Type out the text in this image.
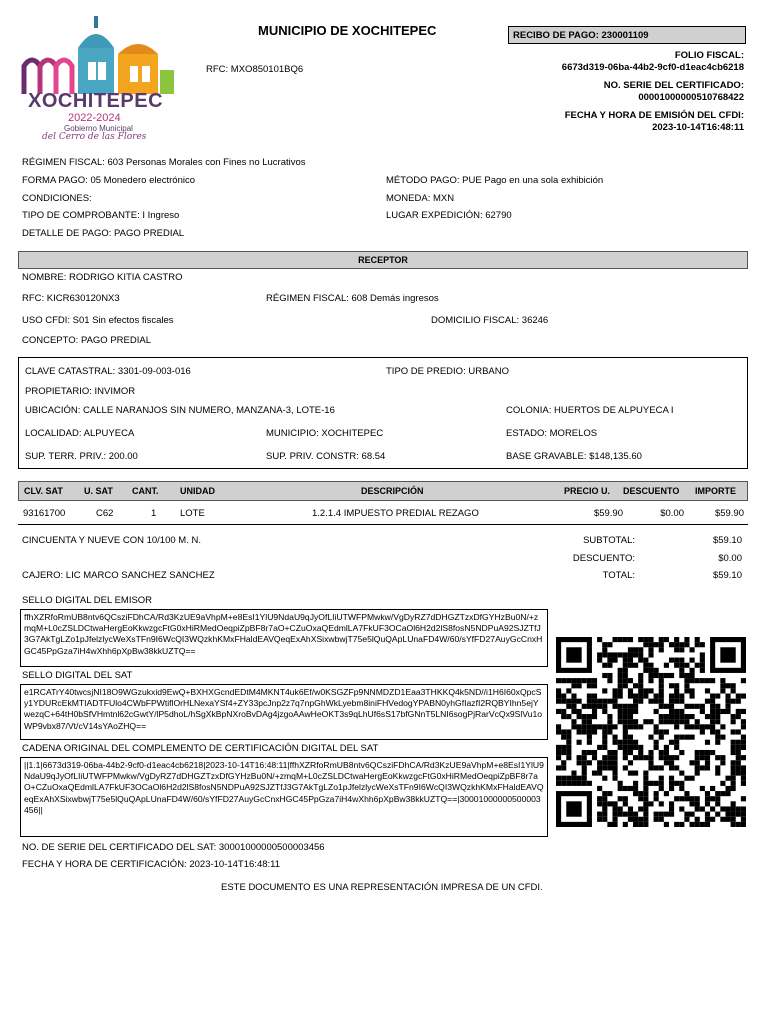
XOCHITEPEC
2022-2024
Gobierno Municipal
del Cerro de las Flores
MUNICIPIO DE XOCHITEPEC
RFC: MXO850101BQ6
RECIBO DE PAGO: 230001109
FOLIO FISCAL:
6673d319-06ba-44b2-9cf0-d1eac4cb6218
NO. SERIE DEL CERTIFICADO:
00001000000510768422
FECHA Y HORA DE EMISIÓN DEL CFDI:
2023-10-14T16:48:11
RÉGIMEN FISCAL: 603 Personas Morales con Fines no Lucrativos
FORMA PAGO: 05 Monedero electrónico	MÉTODO PAGO: PUE Pago en una sola exhibición
CONDICIONES:	MONEDA: MXN
TIPO DE COMPROBANTE: I Ingreso	LUGAR EXPEDICIÓN: 62790
DETALLE DE PAGO: PAGO PREDIAL
RECEPTOR
NOMBRE: RODRIGO KITIA CASTRO
RFC: KICR630120NX3	RÉGIMEN FISCAL: 608 Demás ingresos
USO CFDI: S01 Sin efectos fiscales	DOMICILIO FISCAL: 36246
CONCEPTO: PAGO PREDIAL
CLAVE CATASTRAL: 3301-09-003-016	TIPO DE PREDIO: URBANO
PROPIETARIO: INVIMOR
UBICACIÓN: CALLE NARANJOS SIN NUMERO, MANZANA-3, LOTE-16	COLONIA: HUERTOS DE ALPUYECA I
LOCALIDAD: ALPUYECA	MUNICIPIO: XOCHITEPEC	ESTADO: MORELOS
SUP. TERR. PRIV.: 200.00	SUP. PRIV. CONSTR: 68.54	BASE GRAVABLE: $148,135.60
CLV. SAT U. SAT CANT. UNIDAD	DESCRIPCIÓN	PRECIO U. DESCUENTO IMPORTE
93161700	C62	1 LOTE	1.2.1.4 IMPUESTO PREDIAL REZAGO	$59.90	$0.00	$59.90
CINCUENTA Y NUEVE CON 10/100 M. N.
CAJERO: LIC MARCO SANCHEZ SANCHEZ
SUBTOTAL:	$59.10
DESCUENTO:	$0.00
TOTAL:	$59.10
SELLO DIGITAL DEL EMISOR
ffhXZRfoRmUB8ntv6QCsziFDhCA/Rd3KzUE9aVhpM+e8EsI1YlU9NdaU9qJyOfLIiUTWFPMwkw/VgDyRZ7dDHGZTzxDfGYHzBu0N/+zmqM+L0cZSLDCtwaHergEoKkwzgcFtG0xHiRMedOeqpiZpBF8r7aO+CZuOxaQEdmlLA7FkUF3OCaOl6H2d2lS8fosN5NDPuA92SJZTfJ3G7AkTgLZo1pJfelzlycWeXsTFn9I6WcQI3WQzkhKMxFHaldEAVQeqExAhXSixwbwjT75e5lQuQApLUnaFD4W/60/sYfFD27AuyGcCnxHGC45PpGza7iH4wXhh6pXpBw38kkUZTQ==
SELLO DIGITAL DEL SAT
e1RCATrY40twcsjNI18O9WGzukxid9EwQ+BXHXGcndEDtM4MKNT4uk6Ef/w0KSGZFp9NNMDZD1Eaa3THKKQ4k5ND//i1H6I60xQpcSy1YDURcEkMTIADTFUlo4CWbFPWtiflOrHLNexaYSf4+ZY33pcJnp2z7q7npGhWkLyebm8iniFHVedogYPABN0yhGfIazfI2RQBYIhn5ejYwezqC+64tH0bSfVHmtnl62cGwtY/lP5dhoL/hSgXkBpNXroBvDAg4jzgoAAwHeOKT3s9qLhUf6sS17bfGNnT5LNI6sogPjRarVcQx9SlVu1oWP9vbx87/Vt/cV14sYAoZHQ==
CADENA ORIGINAL DEL COMPLEMENTO DE CERTIFICACIÓN DIGITAL DEL SAT
||1.1|6673d319-06ba-44b2-9cf0-d1eac4cb6218|2023-10-14T16:48:11|ffhXZRfoRmUB8ntv6QCsziFDhCA/Rd3KzUE9aVhpM+e8EsI1YlU9NdaU9qJyOfLIiUTWFPMwkw/VgDyRZ7dDHGZTzxDfGYHzBu0N/+zmqM+L0cZSLDCtwaHergEoKkwzgcFtG0xHiRMedOeqpiZpBF8r7aO+CZuOxaQEdmlLA7FkUF3OCaOl6H2d2lS8fosN5NDPuA92SJZTfJ3G7AkTgLZo1pJfelzlycWeXsTFn9I6WcQI3WQzkhKMxFHaldEAVQeqExAhXSixwbwjT75e5lQuQApLUnaFD4W/60/sYfFD27AuyGcCnxHGC45PpGza7iH4wXhh6pXpBw38kkUZTQ==|30001000000500003456||
NO. DE SERIE DEL CERTIFICADO DEL SAT: 30001000000500003456
FECHA Y HORA DE CERTIFICACIÓN: 2023-10-14T16:48:11
ESTE DOCUMENTO ES UNA REPRESENTACIÓN IMPRESA DE UN CFDI.
